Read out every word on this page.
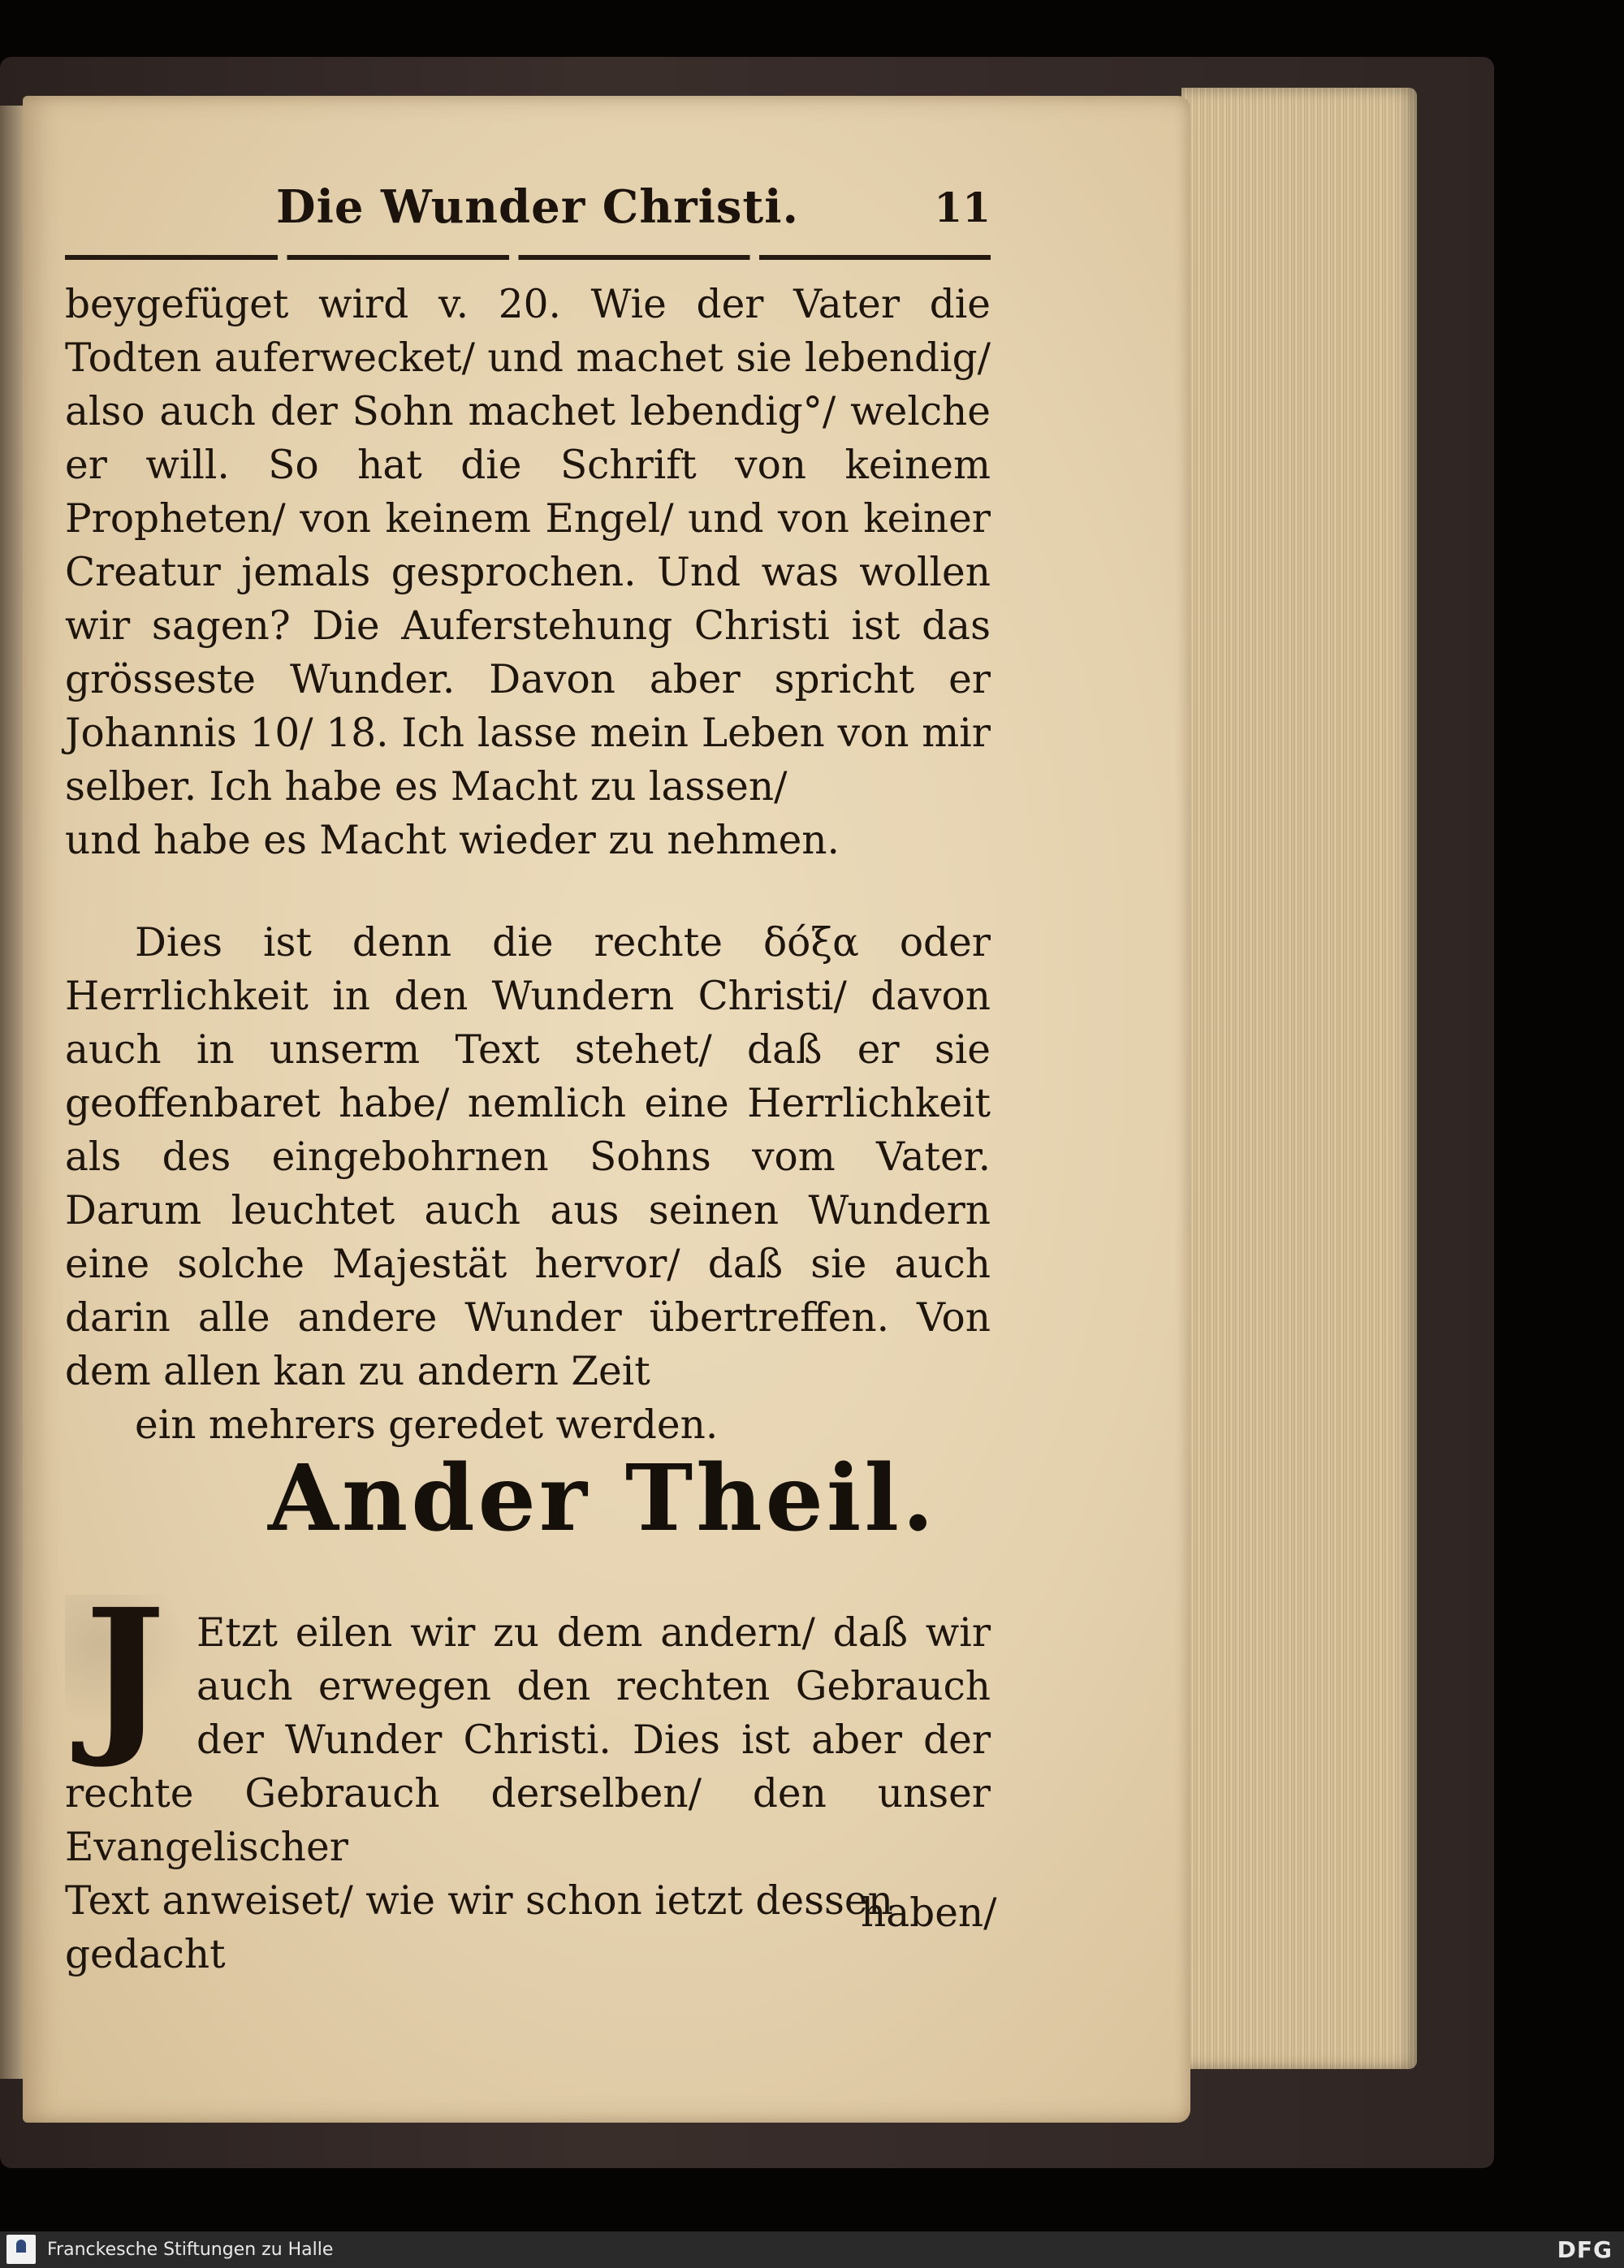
Die Wunder Christi.	11

beygefüget wird v. 20. Wie der Vater die Todten auferwecket/ und machet sie lebendig/ also auch der Sohn machet lebendig°/ welche er will. So hat die Schrift von keinem Propheten/ von keinem Engel/ und von keiner Creatur jemals gesprochen. Und was wollen wir sagen? Die Auferstehung Christi ist das grösseste Wunder. Davon aber spricht er Johannis 10/ 18. Ich lasse mein Leben von mir selber. Ich habe es Macht zu lassen/

und habe es Macht wieder zu nehmen.

Dies ist denn die rechte δόξα oder Herrlichkeit in den Wundern Christi/ davon auch in unserm Text stehet/ daß er sie geoffenbaret habe/ nemlich eine Herrlichkeit als des eingebohrnen Sohns vom Vater. Darum leuchtet auch aus seinen Wundern eine solche Majestät hervor/ daß sie auch darin alle andere Wunder übertreffen. Von dem allen kan zu andern Zeit

ein mehrers geredet werden.

Ander Theil.
J Etzt eilen wir zu dem andern/ daß wir auch erwegen den rechten Gebrauch der Wunder Christi. Dies ist aber der rechte Gebrauch derselben/ den unser Evangelischer

Text anweiset/ wie wir schon ietzt dessen gedacht

haben/
Franckesche Stiftungen zu Halle	DFG
